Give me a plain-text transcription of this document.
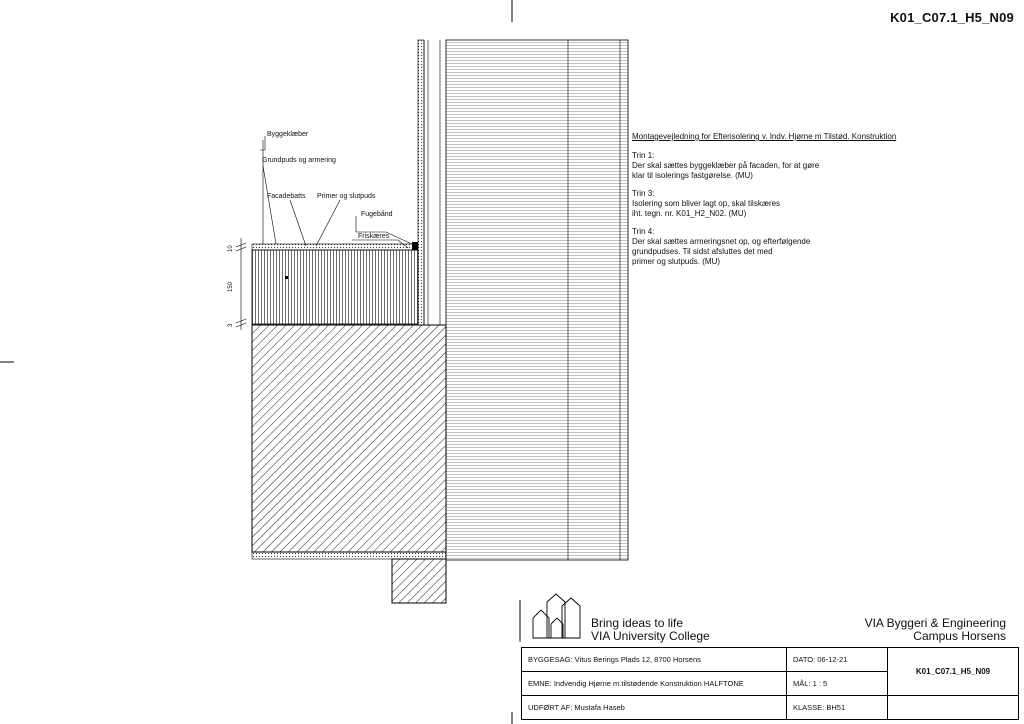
K01_C07.1_H5_N09
Byggeklæber
Grundpuds og armering
Facadebatts Primer og slutpuds
Fugebånd
Friskæres
10
150
3
Montagevejledning for Efterisolering v. Indv. Hjørne m Tilstød. Konstruktion
Trin 1:
Der skal sættes byggeklæber på facaden, for at gøre
klar til isolerings fastgørelse. (MU)
Trin 3:
Isolering som bliver lagt op, skal tilskæres
iht. tegn. nr. K01_H2_N02. (MU)
Trin 4:
Der skal sættes armeringsnet op, og efterfølgende
grundpudses. Til sidst afsluttes det med
primer og slutpuds. (MU)
Bring ideas to life
VIA University College
VIA Byggeri & Engineering
Campus Horsens
BYGGESAG: Vitus Berings Plads 12, 8700 Horsens	DATO: 06-12-21	K01_C07.1_H5_N09
EMNE: Indvendig Hjørne m.tilstødende Konstruktion HALFTONE	MÅL: 1 : 5	
UDFØRT AF: Mustafa Haseb	KLASSE: BH51	
